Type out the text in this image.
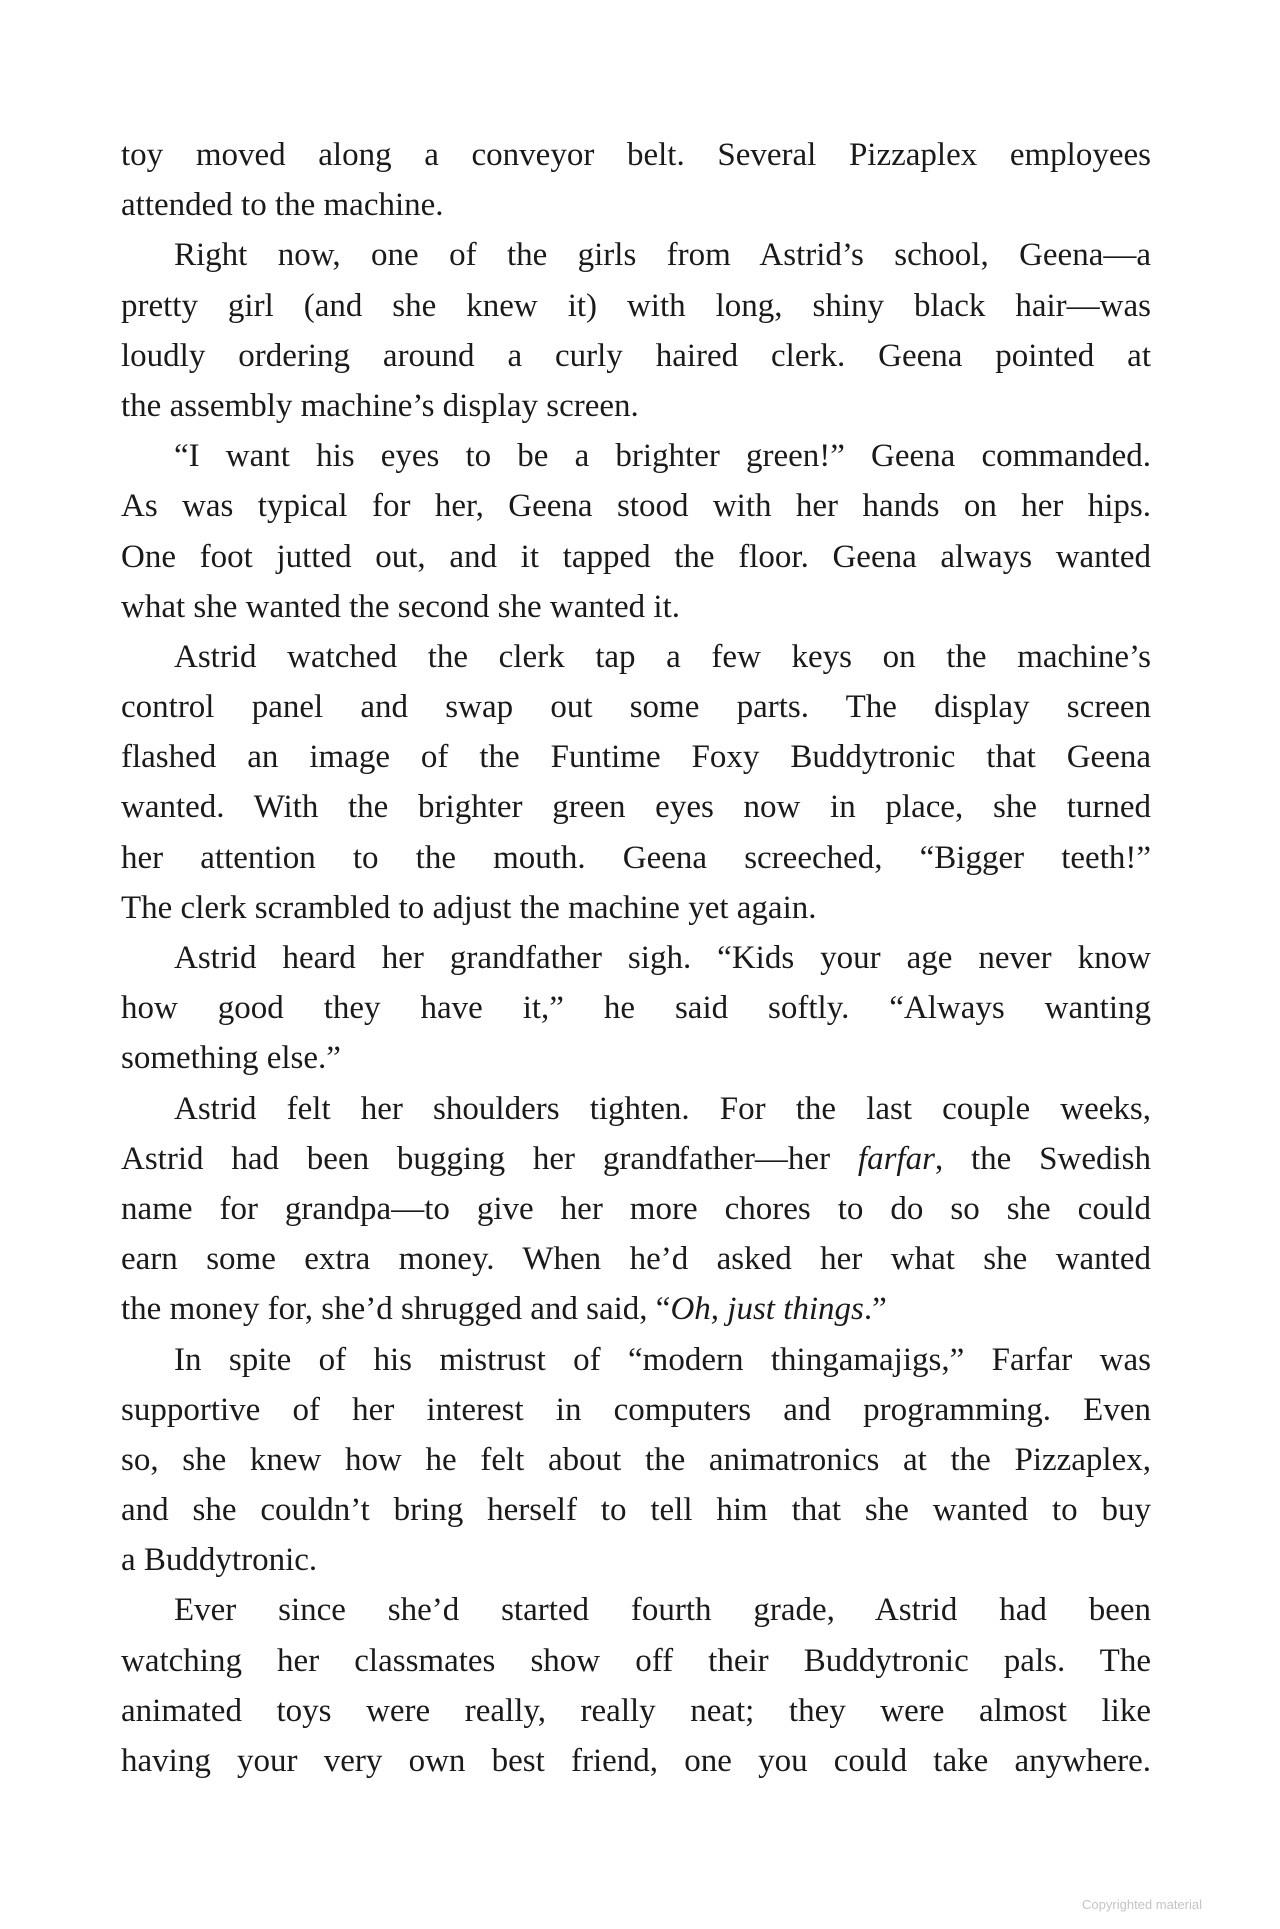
toy moved along a conveyor belt. Several Pizzaplex employees
attended to the machine.
Right now, one of the girls from Astrid’s school, Geena—a
pretty girl (and she knew it) with long, shiny black hair—was
loudly ordering around a curly haired clerk. Geena pointed at
the assembly machine’s display screen.
“I want his eyes to be a brighter green!” Geena commanded.
As was typical for her, Geena stood with her hands on her hips.
One foot jutted out, and it tapped the floor. Geena always wanted
what she wanted the second she wanted it.
Astrid watched the clerk tap a few keys on the machine’s
control panel and swap out some parts. The display screen
flashed an image of the Funtime Foxy Buddytronic that Geena
wanted. With the brighter green eyes now in place, she turned
her attention to the mouth. Geena screeched, “Bigger teeth!”
The clerk scrambled to adjust the machine yet again.
Astrid heard her grandfather sigh. “Kids your age never know
how good they have it,” he said softly. “Always wanting
something else.”
Astrid felt her shoulders tighten. For the last couple weeks,
Astrid had been bugging her grandfather—her farfar, the Swedish
name for grandpa—to give her more chores to do so she could
earn some extra money. When he’d asked her what she wanted
the money for, she’d shrugged and said, “Oh, just things.”
In spite of his mistrust of “modern thingamajigs,” Farfar was
supportive of her interest in computers and programming. Even
so, she knew how he felt about the animatronics at the Pizzaplex,
and she couldn’t bring herself to tell him that she wanted to buy
a Buddytronic.
Ever since she’d started fourth grade, Astrid had been
watching her classmates show off their Buddytronic pals. The
animated toys were really, really neat; they were almost like
having your very own best friend, one you could take anywhere.
Copyrighted material
